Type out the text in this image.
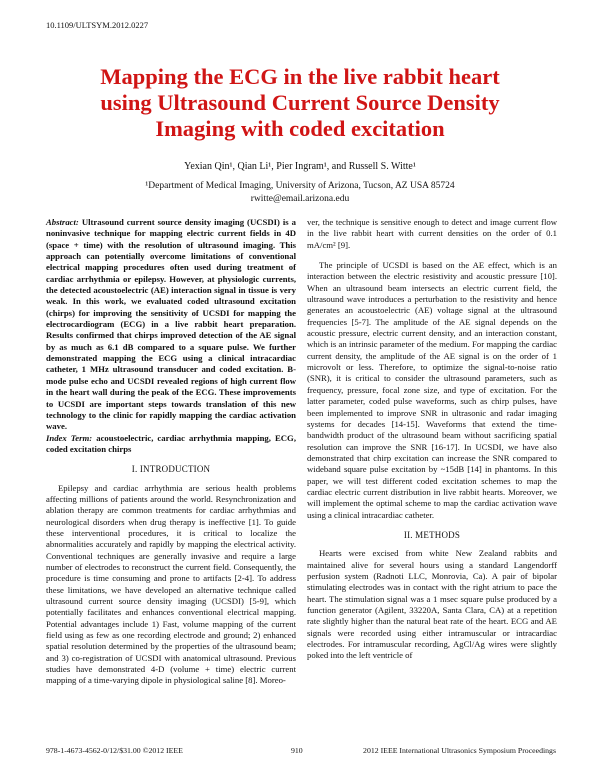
10.1109/ULTSYM.2012.0227
Mapping the ECG in the live rabbit heart
using Ultrasound Current Source Density
Imaging with coded excitation
Yexian Qin¹, Qian Li¹, Pier Ingram¹, and Russell S. Witte¹
¹Department of Medical Imaging, University of Arizona, Tucson, AZ USA 85724
rwitte@email.arizona.edu

Abstract: Ultrasound current source density imaging (UCSDI) is a noninvasive technique for mapping electric current fields in 4D (space + time) with the resolution of ultrasound imaging. This approach can potentially overcome limitations of conventional electrical mapping procedures often used during treatment of cardiac arrhythmia or epilepsy. However, at physiologic currents, the detected acoustoelectric (AE) interaction signal in tissue is very weak. In this work, we evaluated coded ultrasound excitation (chirps) for improving the sensitivity of UCSDI for mapping the electrocardiogram (ECG) in a live rabbit heart preparation. Results confirmed that chirps improved detection of the AE signal by as much as 6.1 dB compared to a square pulse. We further demonstrated mapping the ECG using a clinical intracardiac catheter, 1 MHz ultrasound transducer and coded excitation. B-mode pulse echo and UCSDI revealed regions of high current flow in the heart wall during the peak of the ECG. These improvements to UCSDI are important steps towards translation of this new technology to the clinic for rapidly mapping the cardiac activation wave.

Index Term: acoustoelectric, cardiac arrhythmia mapping, ECG, coded excitation chirps

I. INTRODUCTION

Epilepsy and cardiac arrhythmia are serious health problems affecting millions of patients around the world. Resynchronization and ablation therapy are common treatments for cardiac arrhythmias and neurological disorders when drug therapy is ineffective [1]. To guide these interventional procedures, it is critical to localize the abnormalities accurately and rapidly by mapping the electrical activity. Conventional techniques are generally invasive and require a large number of electrodes to reconstruct the current field. Consequently, the procedure is time consuming and prone to artifacts [2-4]. To address these limitations, we have developed an alternative technique called ultrasound current source density imaging (UCSDI) [5-9], which potentially facilitates and enhances conventional electrical mapping. Potential advantages include 1) Fast, volume mapping of the current field using as few as one recording electrode and ground; 2) enhanced spatial resolution determined by the properties of the ultrasound beam; and 3) co-registration of UCSDI with anatomical ultrasound. Previous studies have demonstrated 4-D (volume + time) electric current mapping of a time-varying dipole in physiological saline [8]. Moreo-

ver, the technique is sensitive enough to detect and image current flow in the live rabbit heart with current densities on the order of 0.1 mA/cm² [9].

The principle of UCSDI is based on the AE effect, which is an interaction between the electric resistivity and acoustic pressure [10]. When an ultrasound beam intersects an electric current field, the ultrasound wave introduces a perturbation to the resistivity and hence generates an acoustoelectric (AE) voltage signal at the ultrasound frequencies [5-7]. The amplitude of the AE signal depends on the acoustic pressure, electric current density, and an interaction constant, which is an intrinsic parameter of the medium. For mapping the cardiac current density, the amplitude of the AE signal is on the order of 1 microvolt or less. Therefore, to optimize the signal-to-noise ratio (SNR), it is critical to consider the ultrasound parameters, such as frequency, pressure, focal zone size, and type of excitation. For the latter parameter, coded pulse waveforms, such as chirp pulses, have been implemented to improve SNR in ultrasonic and radar imaging systems for decades [14-15]. Waveforms that extend the time-bandwidth product of the ultrasound beam without sacrificing spatial resolution can improve the SNR [16-17]. In UCSDI, we have also demonstrated that chirp excitation can increase the SNR compared to wideband square pulse excitation by ~15dB [14] in phantoms. In this paper, we will test different coded excitation schemes to map the cardiac electric current distribution in live rabbit hearts. Moreover, we will implement the optimal scheme to map the cardiac activation wave using a clinical intracardiac catheter.

II. METHODS

Hearts were excised from white New Zealand rabbits and maintained alive for several hours using a standard Langendorff perfusion system (Radnoti LLC, Monrovia, Ca). A pair of bipolar stimulating electrodes was in contact with the right atrium to pace the heart. The stimulation signal was a 1 msec square pulse produced by a function generator (Agilent, 33220A, Santa Clara, CA) at a repetition rate slightly higher than the natural beat rate of the heart. ECG and AE signals were recorded using either intramuscular or intracardiac electrodes. For intramuscular recording, AgCl/Ag wires were slightly poked into the left ventricle of

978-1-4673-4562-0/12/$31.00 ©2012 IEEE	910	2012 IEEE International Ultrasonics Symposium Proceedings
